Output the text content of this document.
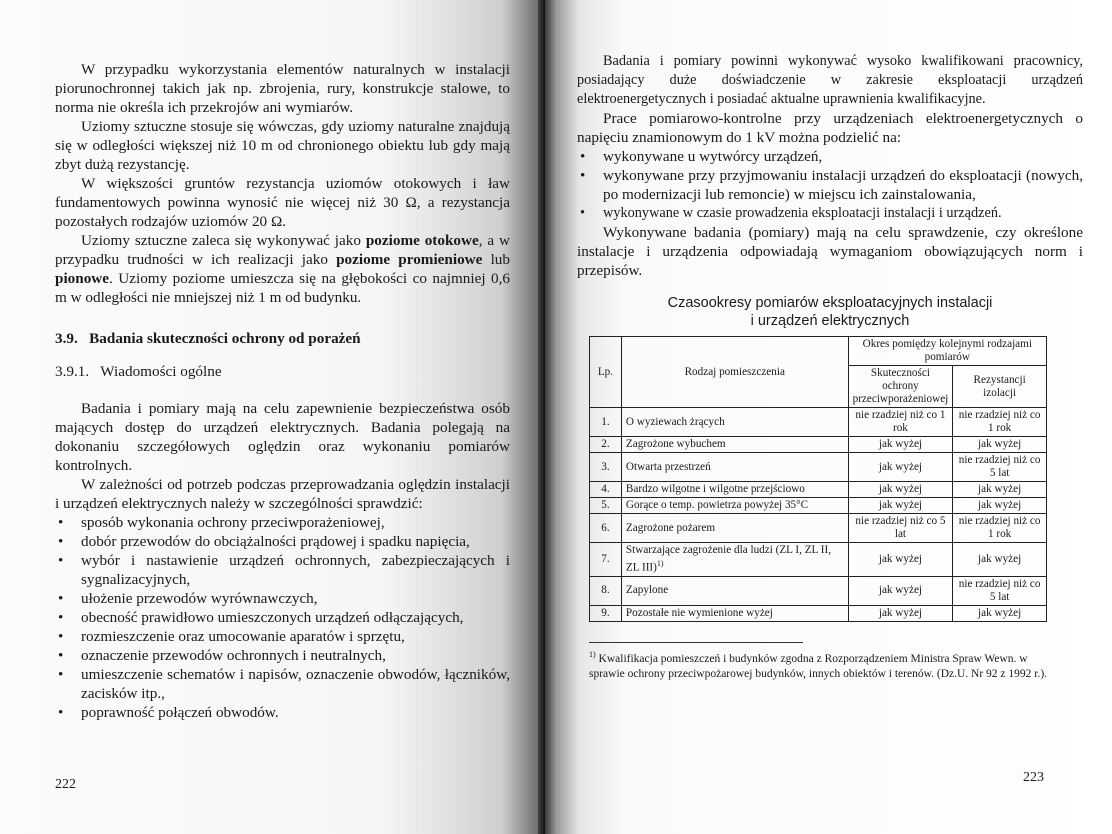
W przypadku wykorzystania elementów naturalnych w instalacji piorunochronnej takich jak np. zbrojenia, rury, konstrukcje stalowe, to norma nie określa ich przekrojów ani wymiarów.

Uziomy sztuczne stosuje się wówczas, gdy uziomy naturalne znajdują się w odległości większej niż 10 m od chronionego obiektu lub gdy mają zbyt dużą rezystancję.

W większości gruntów rezystancja uziomów otokowych i ław fundamentowych powinna wynosić nie więcej niż 30 Ω, a rezystancja pozostałych rodzajów uziomów 20 Ω.

Uziomy sztuczne zaleca się wykonywać jako poziome otokowe, a w przypadku trudności w ich realizacji jako poziome promieniowe lub pionowe. Uziomy poziome umieszcza się na głębokości co najmniej 0,6 m w odległości nie mniejszej niż 1 m od budynku.

3.9.   Badania skuteczności ochrony od porażeń

3.9.1.   Wiadomości ogólne

Badania i pomiary mają na celu zapewnienie bezpieczeństwa osób mających dostęp do urządzeń elektrycznych. Badania polegają na dokonaniu szczegółowych oględzin oraz wykonaniu pomiarów kontrolnych.

W zależności od potrzeb podczas przeprowadzania oględzin instalacji i urządzeń elektrycznych należy w szczególności sprawdzić:

• sposób wykonania ochrony przeciwporażeniowej,
• dobór przewodów do obciążalności prądowej i spadku napięcia,
• wybór i nastawienie urządzeń ochronnych, zabezpieczających i sygnalizacyjnych,
• ułożenie przewodów wyrównawczych,
• obecność prawidłowo umieszczonych urządzeń odłączających,
• rozmieszczenie oraz umocowanie aparatów i sprzętu,
• oznaczenie przewodów ochronnych i neutralnych,
• umieszczenie schematów i napisów, oznaczenie obwodów, łączników, zacisków itp.,
• poprawność połączeń obwodów.
222

Badania i pomiary powinni wykonywać wysoko kwalifikowani pracownicy, posiadający duże doświadczenie w zakresie eksploatacji urządzeń elektroenergetycznych i posiadać aktualne uprawnienia kwalifikacyjne.

Prace pomiarowo-kontrolne przy urządzeniach elektroenergetycznych o napięciu znamionowym do 1 kV można podzielić na:

• wykonywane u wytwórcy urządzeń,
• wykonywane przy przyjmowaniu instalacji urządzeń do eksploatacji (nowych, po modernizacji lub remoncie) w miejscu ich zainstalowania,
• wykonywane w czasie prowadzenia eksploatacji instalacji i urządzeń.

Wykonywane badania (pomiary) mają na celu sprawdzenie, czy określone instalacje i urządzenia odpowiadają wymaganiom obowiązujących norm i przepisów.

Czasookresy pomiarów eksploatacyjnych instalacji
i urządzeń elektrycznych
Lp.	Rodzaj pomieszczenia	Okres pomiędzy kolejnymi rodzajami pomiarów	
		Skuteczności ochrony przeciwporażeniowej	Rezystancji izolacji
1.	O wyziewach żrących	nie rzadziej niż co 1 rok	nie rzadziej niż co 1 rok
2.	Zagrożone wybuchem	jak wyżej	jak wyżej
3.	Otwarta przestrzeń	jak wyżej	nie rzadziej niż co 5 lat
4.	Bardzo wilgotne i wilgotne przejściowo	jak wyżej	jak wyżej
5.	Gorące o temp. powietrza powyżej 35°C	jak wyżej	jak wyżej
6.	Zagrożone pożarem	nie rzadziej niż co 5 lat	nie rzadziej niż co 1 rok
7.	Stwarzające zagrożenie dla ludzi (ZL I, ZL II, ZL III)$^{1)}$	jak wyżej	jak wyżej
8.	Zapylone	jak wyżej	nie rzadziej niż co 5 lat
9.	Pozostałe nie wymienione wyżej	jak wyżej	jak wyżej
$^{1)}$ Kwalifikacja pomieszczeń i budynków zgodna z Rozporządzeniem Ministra Spraw Wewn. w sprawie ochrony przeciwpożarowej budynków, innych obiektów i terenów. (Dz.U. Nr 92 z 1992 r.).
223
